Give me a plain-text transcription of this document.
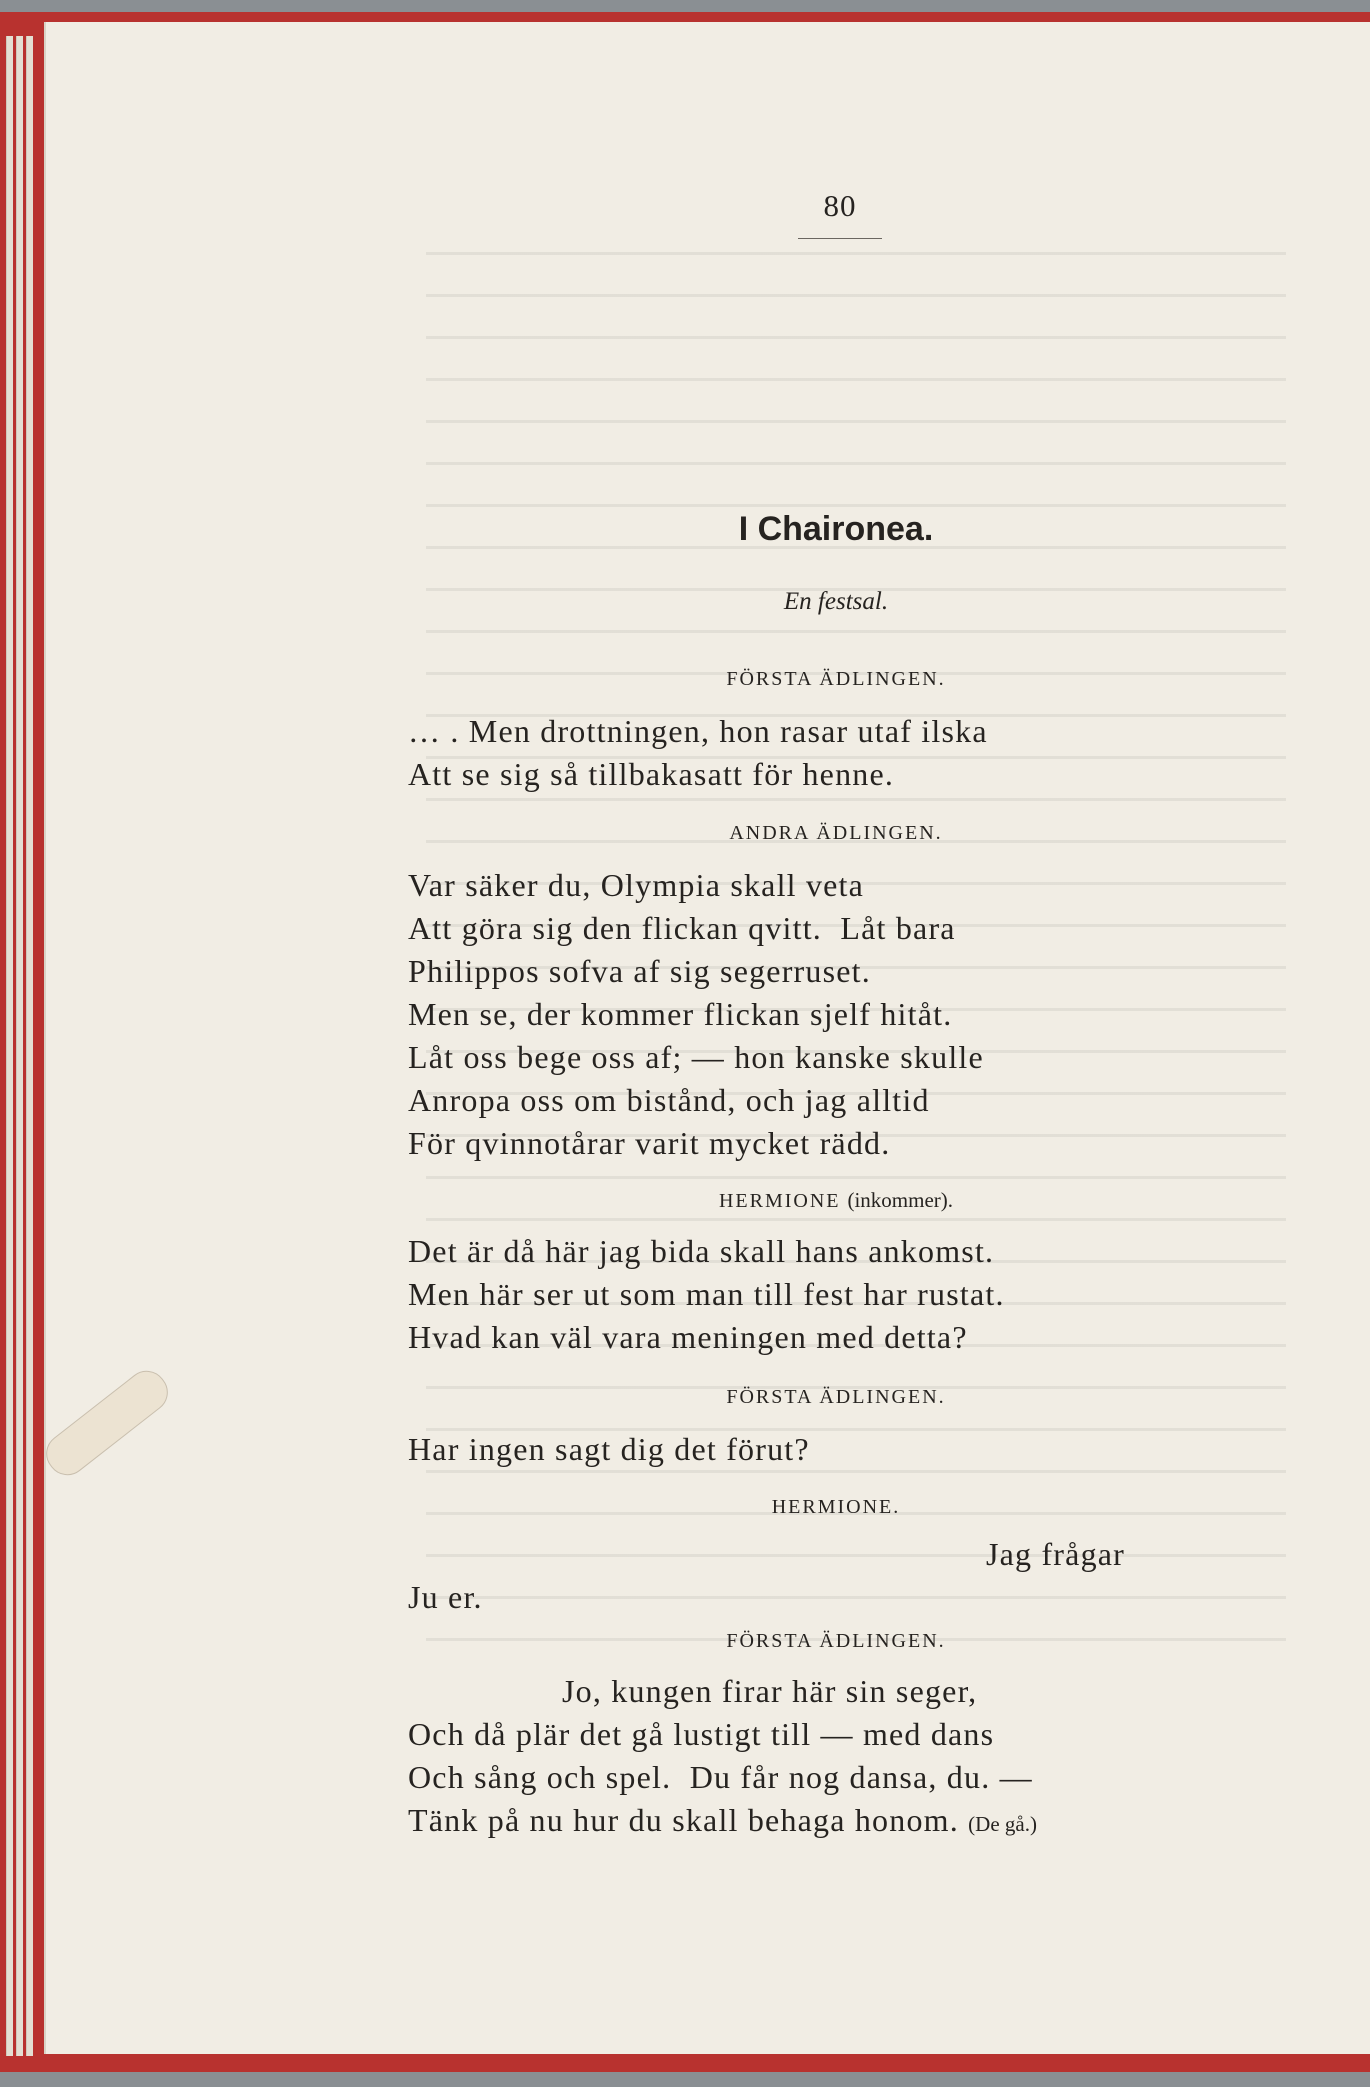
80
I Chaironea.
En festsal.
FÖRSTA ÄDLINGEN.
… . Men drottningen, hon rasar utaf ilska
Att se sig så tillbakasatt för henne.
ANDRA ÄDLINGEN.
Var säker du, Olympia skall veta
Att göra sig den flickan qvitt.  Låt bara
Philippos sofva af sig segerruset.
Men se, der kommer flickan sjelf hitåt.
Låt oss bege oss af; — hon kanske skulle
Anropa oss om bistånd, och jag alltid
För qvinnotårar varit mycket rädd.
HERMIONE (inkommer).
Det är då här jag bida skall hans ankomst.
Men här ser ut som man till fest har rustat.
Hvad kan väl vara meningen med detta?
FÖRSTA ÄDLINGEN.
Har ingen sagt dig det förut?
HERMIONE.
Jag frågar
Ju er.
FÖRSTA ÄDLINGEN.
Jo, kungen firar här sin seger,
Och då plär det gå lustigt till — med dans
Och sång och spel.  Du får nog dansa, du. —
Tänk på nu hur du skall behaga honom. (De gå.)
